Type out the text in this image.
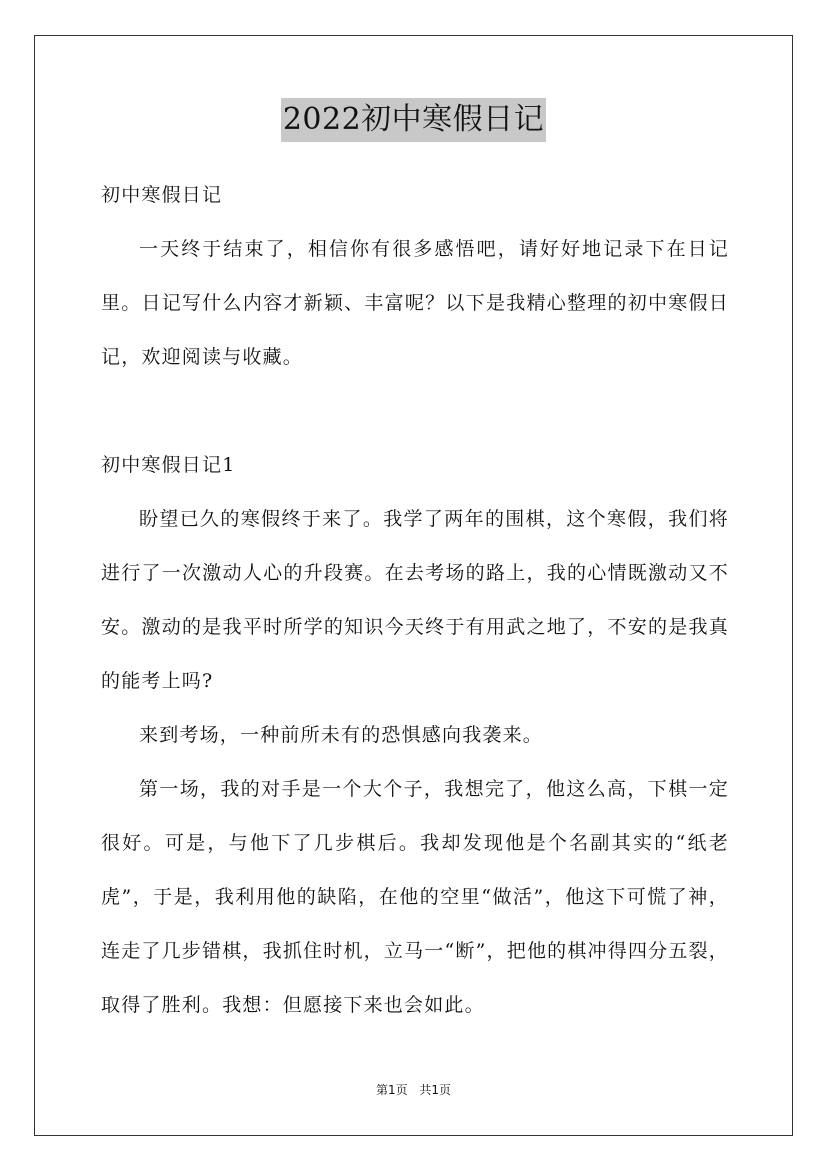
2022初中寒假日记

初中寒假日记

一天终于结束了，相信你有很多感悟吧，请好好地记录下在日记里。日记写什么内容才新颖、丰富呢？以下是我精心整理的初中寒假日记，欢迎阅读与收藏。

初中寒假日记1

盼望已久的寒假终于来了。我学了两年的围棋，这个寒假，我们将进行了一次激动人心的升段赛。在去考场的路上，我的心情既激动又不安。激动的是我平时所学的知识今天终于有用武之地了，不安的是我真的能考上吗?

来到考场，一种前所未有的恐惧感向我袭来。

第一场，我的对手是一个大个子，我想完了，他这么高，下棋一定很好。可是，与他下了几步棋后。我却发现他是个名副其实的“纸老虎”，于是，我利用他的缺陷，在他的空里“做活”，他这下可慌了神，连走了几步错棋，我抓住时机，立马一“断”，把他的棋冲得四分五裂，取得了胜利。我想：但愿接下来也会如此。

第1页 共1页
